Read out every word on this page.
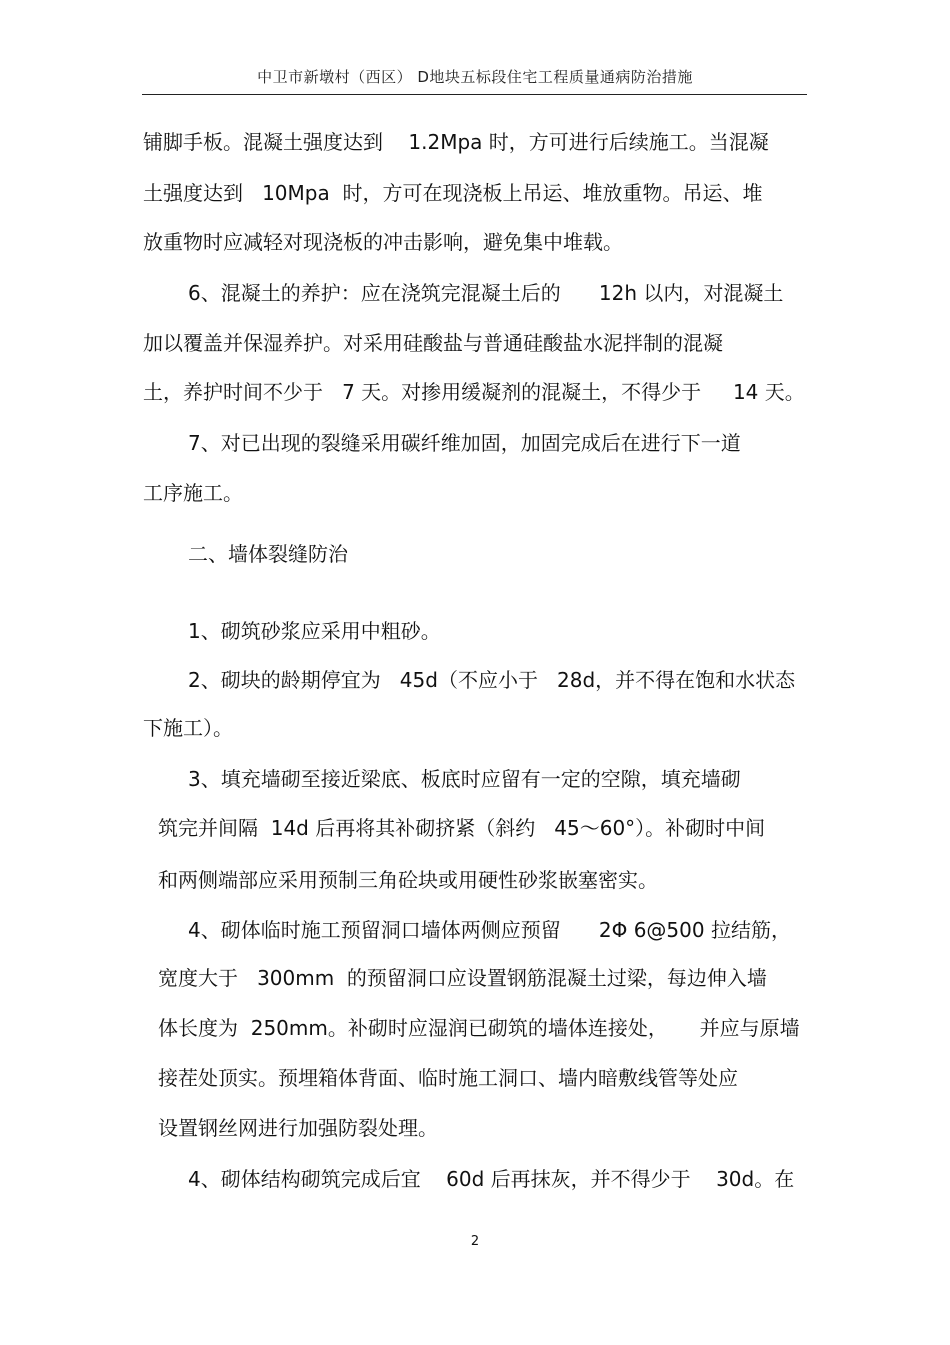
中卫市新墩村（西区） D地块五标段住宅工程质量通病防治措施
铺脚手板。混凝土强度达到    1.2Mpa 时，方可进行后续施工。当混凝
土强度达到   10Mpa  时，方可在现浇板上吊运、堆放重物。吊运、堆
放重物时应减轻对现浇板的冲击影响，避免集中堆载。
6、混凝土的养护：应在浇筑完混凝土后的      12h 以内，对混凝土
加以覆盖并保湿养护。对采用硅酸盐与普通硅酸盐水泥拌制的混凝
土，养护时间不少于   7 天。对掺用缓凝剂的混凝土，不得少于     14 天。
7、对已出现的裂缝采用碳纤维加固，加固完成后在进行下一道
工序施工。
二、墙体裂缝防治
1、砌筑砂浆应采用中粗砂。
2、砌块的龄期停宜为   45d（不应小于   28d，并不得在饱和水状态
下施工）。
3、填充墙砌至接近梁底、板底时应留有一定的空隙，填充墙砌
筑完并间隔  14d 后再将其补砌挤紧（斜约   45～60°）。补砌时中间
和两侧端部应采用预制三角砼块或用硬性砂浆嵌塞密实。
4、砌体临时施工预留洞口墙体两侧应预留      2Φ 6@500 拉结筋，
宽度大于   300mm  的预留洞口应设置钢筋混凝土过梁，每边伸入墙
体长度为  250mm。补砌时应湿润已砌筑的墙体连接处，     并应与原墙
接茬处顶实。预埋箱体背面、临时施工洞口、墙内暗敷线管等处应
设置钢丝网进行加强防裂处理。
4、砌体结构砌筑完成后宜    60d 后再抹灰，并不得少于    30d。在
2
